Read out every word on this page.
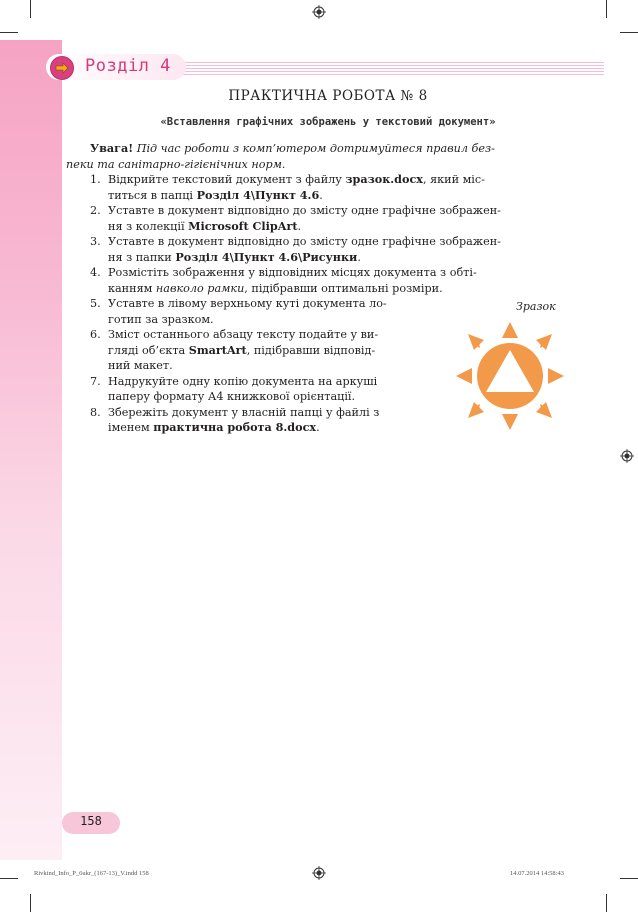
Розділ 4
ПРАКТИЧНА РОБОТА № 8
«Вставлення графічних зображень у текстовий документ»
Увага! Під час роботи з комп’ютером дотримуйтеся правил без-
пеки та санітарно-гігієнічних норм.
1. Відкрийте текстовий документ з файлу зразок.docx, який міс-
титься в папці Розділ 4\Пункт 4.6.
2. Уставте в документ відповідно до змісту одне графічне зображен-
ня з колекції Microsoft ClipArt.
3. Уставте в документ відповідно до змісту одне графічне зображен-
ня з папки Розділ 4\Пункт 4.6\Рисунки.
4. Розмістіть зображення у відповідних місцях документа з обті-
канням навколо рамки, підібравши оптимальні розміри.
5. Уставте в лівому верхньому куті документа ло-
готип за зразком.
6. Зміст останнього абзацу тексту подайте у ви-
гляді об’єкта SmartArt, підібравши відповід-
ний макет.
7. Надрукуйте одну копію документа на аркуші
паперу формату А4 книжкової орієнтації.
8. Збережіть документ у власній папці у файлі з
іменем практична робота 8.docx.
Зразок
158
Rivkind_Info_P_6ukr_(167-13)_V.indd 158	14.07.2014 14:58:43
